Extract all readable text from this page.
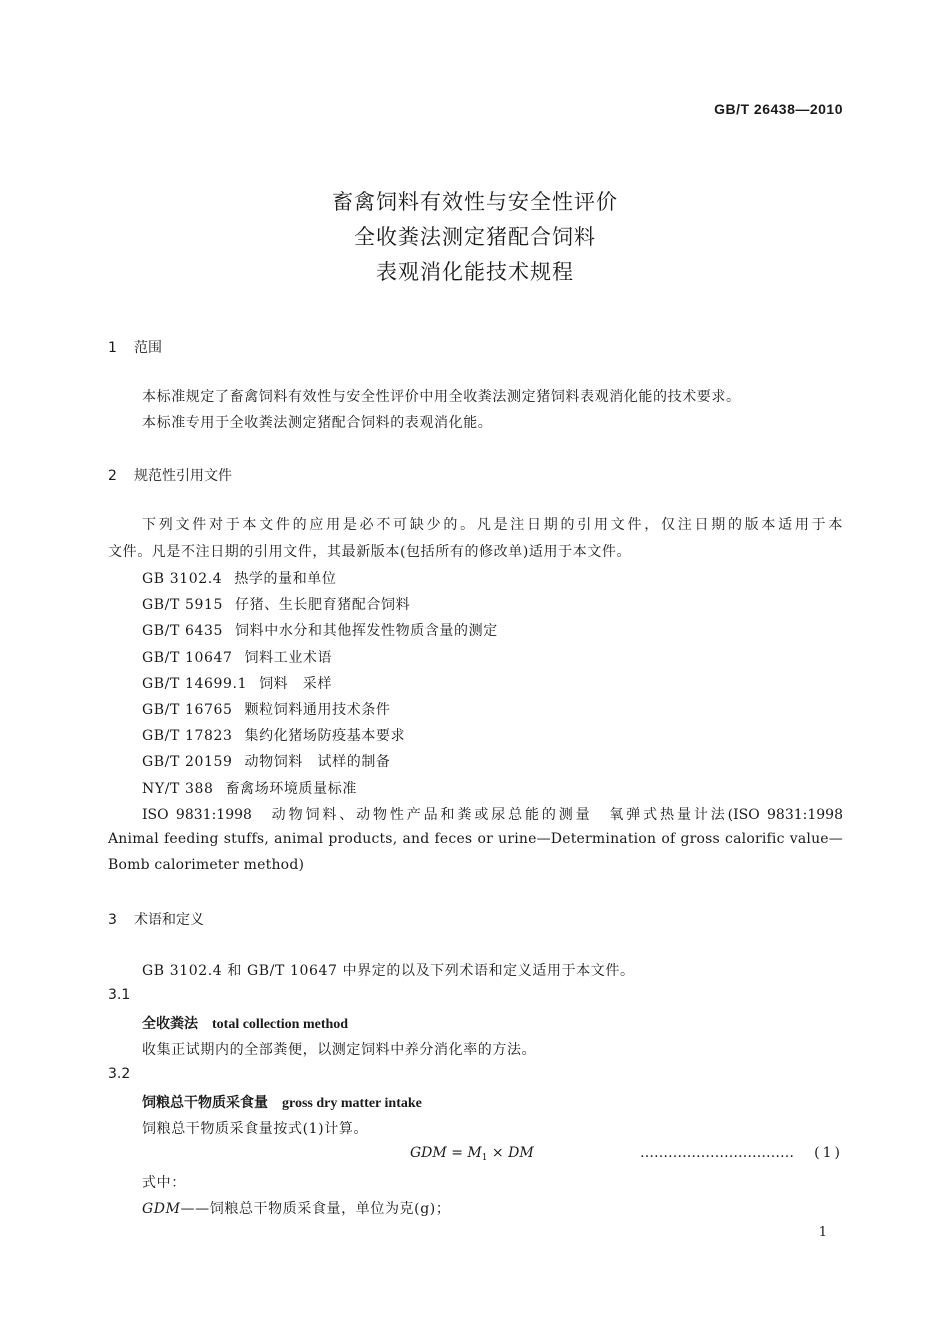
GB/T 26438—2010
畜禽饲料有效性与安全性评价
全收粪法测定猪配合饲料
表观消化能技术规程
1 范围
本标准规定了畜禽饲料有效性与安全性评价中用全收粪法测定猪饲料表观消化能的技术要求。
本标准专用于全收粪法测定猪配合饲料的表观消化能。
2 规范性引用文件
下列文件对于本文件的应用是必不可缺少的。凡是注日期的引用文件，仅注日期的版本适用于本
文件。凡是不注日期的引用文件，其最新版本(包括所有的修改单)适用于本文件。
GB 3102.4 热学的量和单位
GB/T 5915 仔猪、生长肥育猪配合饲料
GB/T 6435 饲料中水分和其他挥发性物质含量的测定
GB/T 10647 饲料工业术语
GB/T 14699.1 饲料　采样
GB/T 16765 颗粒饲料通用技术条件
GB/T 17823 集约化猪场防疫基本要求
GB/T 20159 动物饲料　试样的制备
NY/T 388 畜禽场环境质量标准
ISO 9831:1998　动物饲料、动物性产品和粪或尿总能的测量　氧弹式热量计法(ISO 9831:1998
Animal feeding stuffs, animal products, and feces or urine—Determination of gross calorific value—
Bomb calorimeter method)
3 术语和定义
GB 3102.4 和 GB/T 10647 中界定的以及下列术语和定义适用于本文件。
3.1
全收粪法 total collection method
收集正试期内的全部粪便，以测定饲料中养分消化率的方法。
3.2
饲粮总干物质采食量 gross dry matter intake
饲粮总干物质采食量按式(1)计算。
GDM = $M_1$ × DM	…………………………… (1)
式中：
GDM——饲粮总干物质采食量，单位为克(g)；
1
